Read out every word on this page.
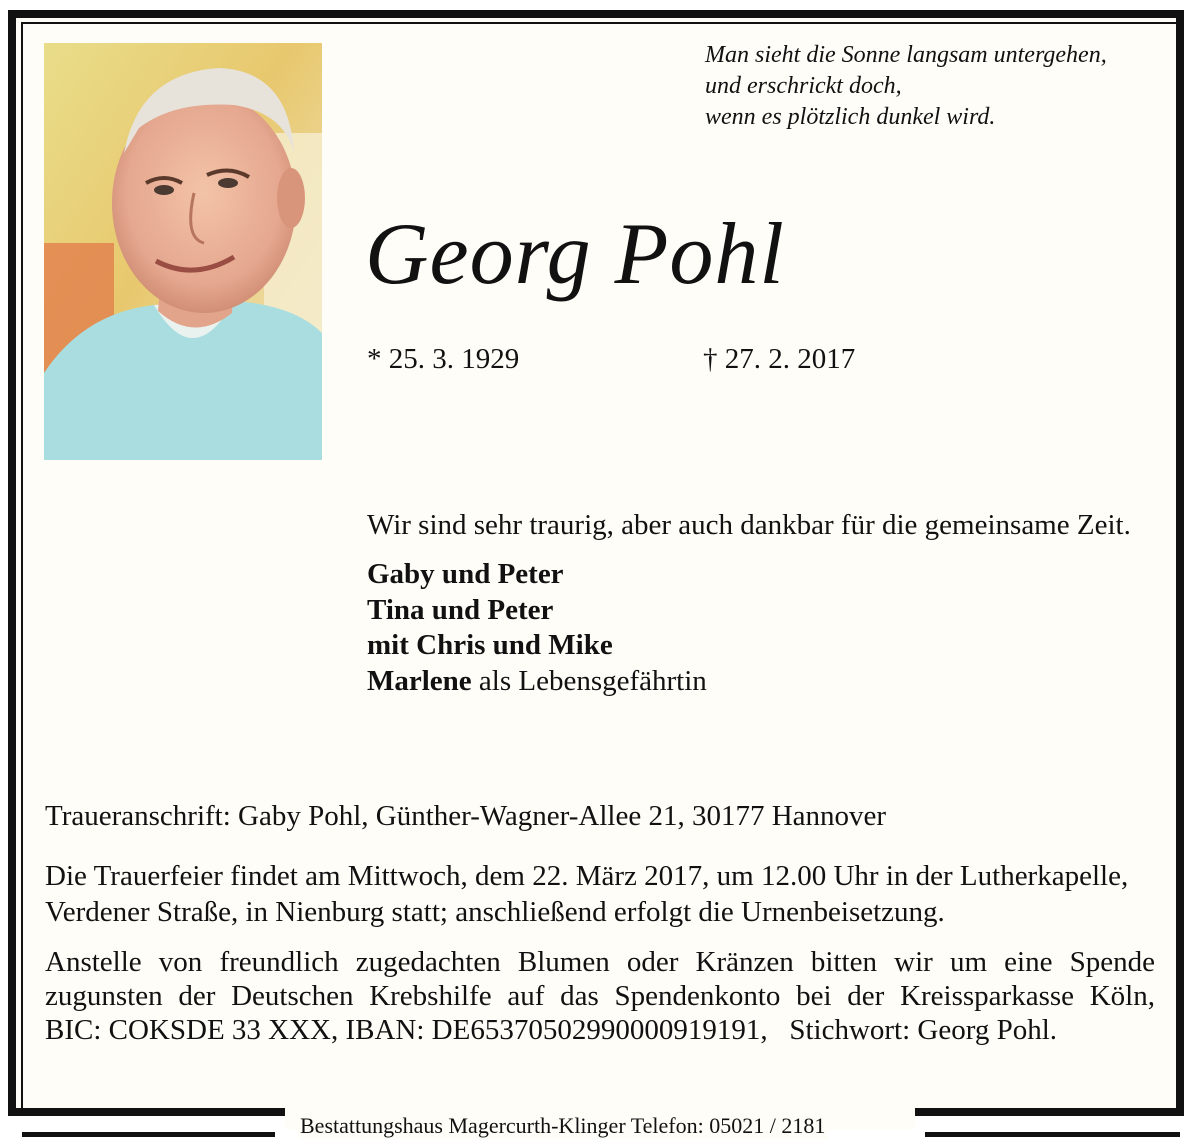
Man sieht die Sonne langsam untergehen,
und erschrickt doch,
wenn es plötzlich dunkel wird.
Georg Pohl
* 25. 3. 1929	† 27. 2. 2017
Wir sind sehr traurig, aber auch dankbar für die gemeinsame Zeit.
Gaby und Peter
Tina und Peter
mit Chris und Mike
Marlene als Lebensgefährtin
Traueranschrift: Gaby Pohl, Günther-Wagner-Allee 21, 30177 Hannover
Die Trauerfeier findet am Mittwoch, dem 22. März 2017, um 12.00 Uhr in der Lutherkapelle,
Verdener Straße, in Nienburg statt; anschließend erfolgt die Urnenbeisetzung.
Anstelle von freundlich zugedachten Blumen oder Kränzen bitten wir um eine Spende
zugunsten der Deutschen Krebshilfe auf das Spendenkonto bei der Kreissparkasse Köln,
BIC: COKSDE 33 XXX, IBAN: DE65370502990000919191,   Stichwort: Georg Pohl.
Bestattungshaus Magercurth-Klinger Telefon: 05021 / 2181
